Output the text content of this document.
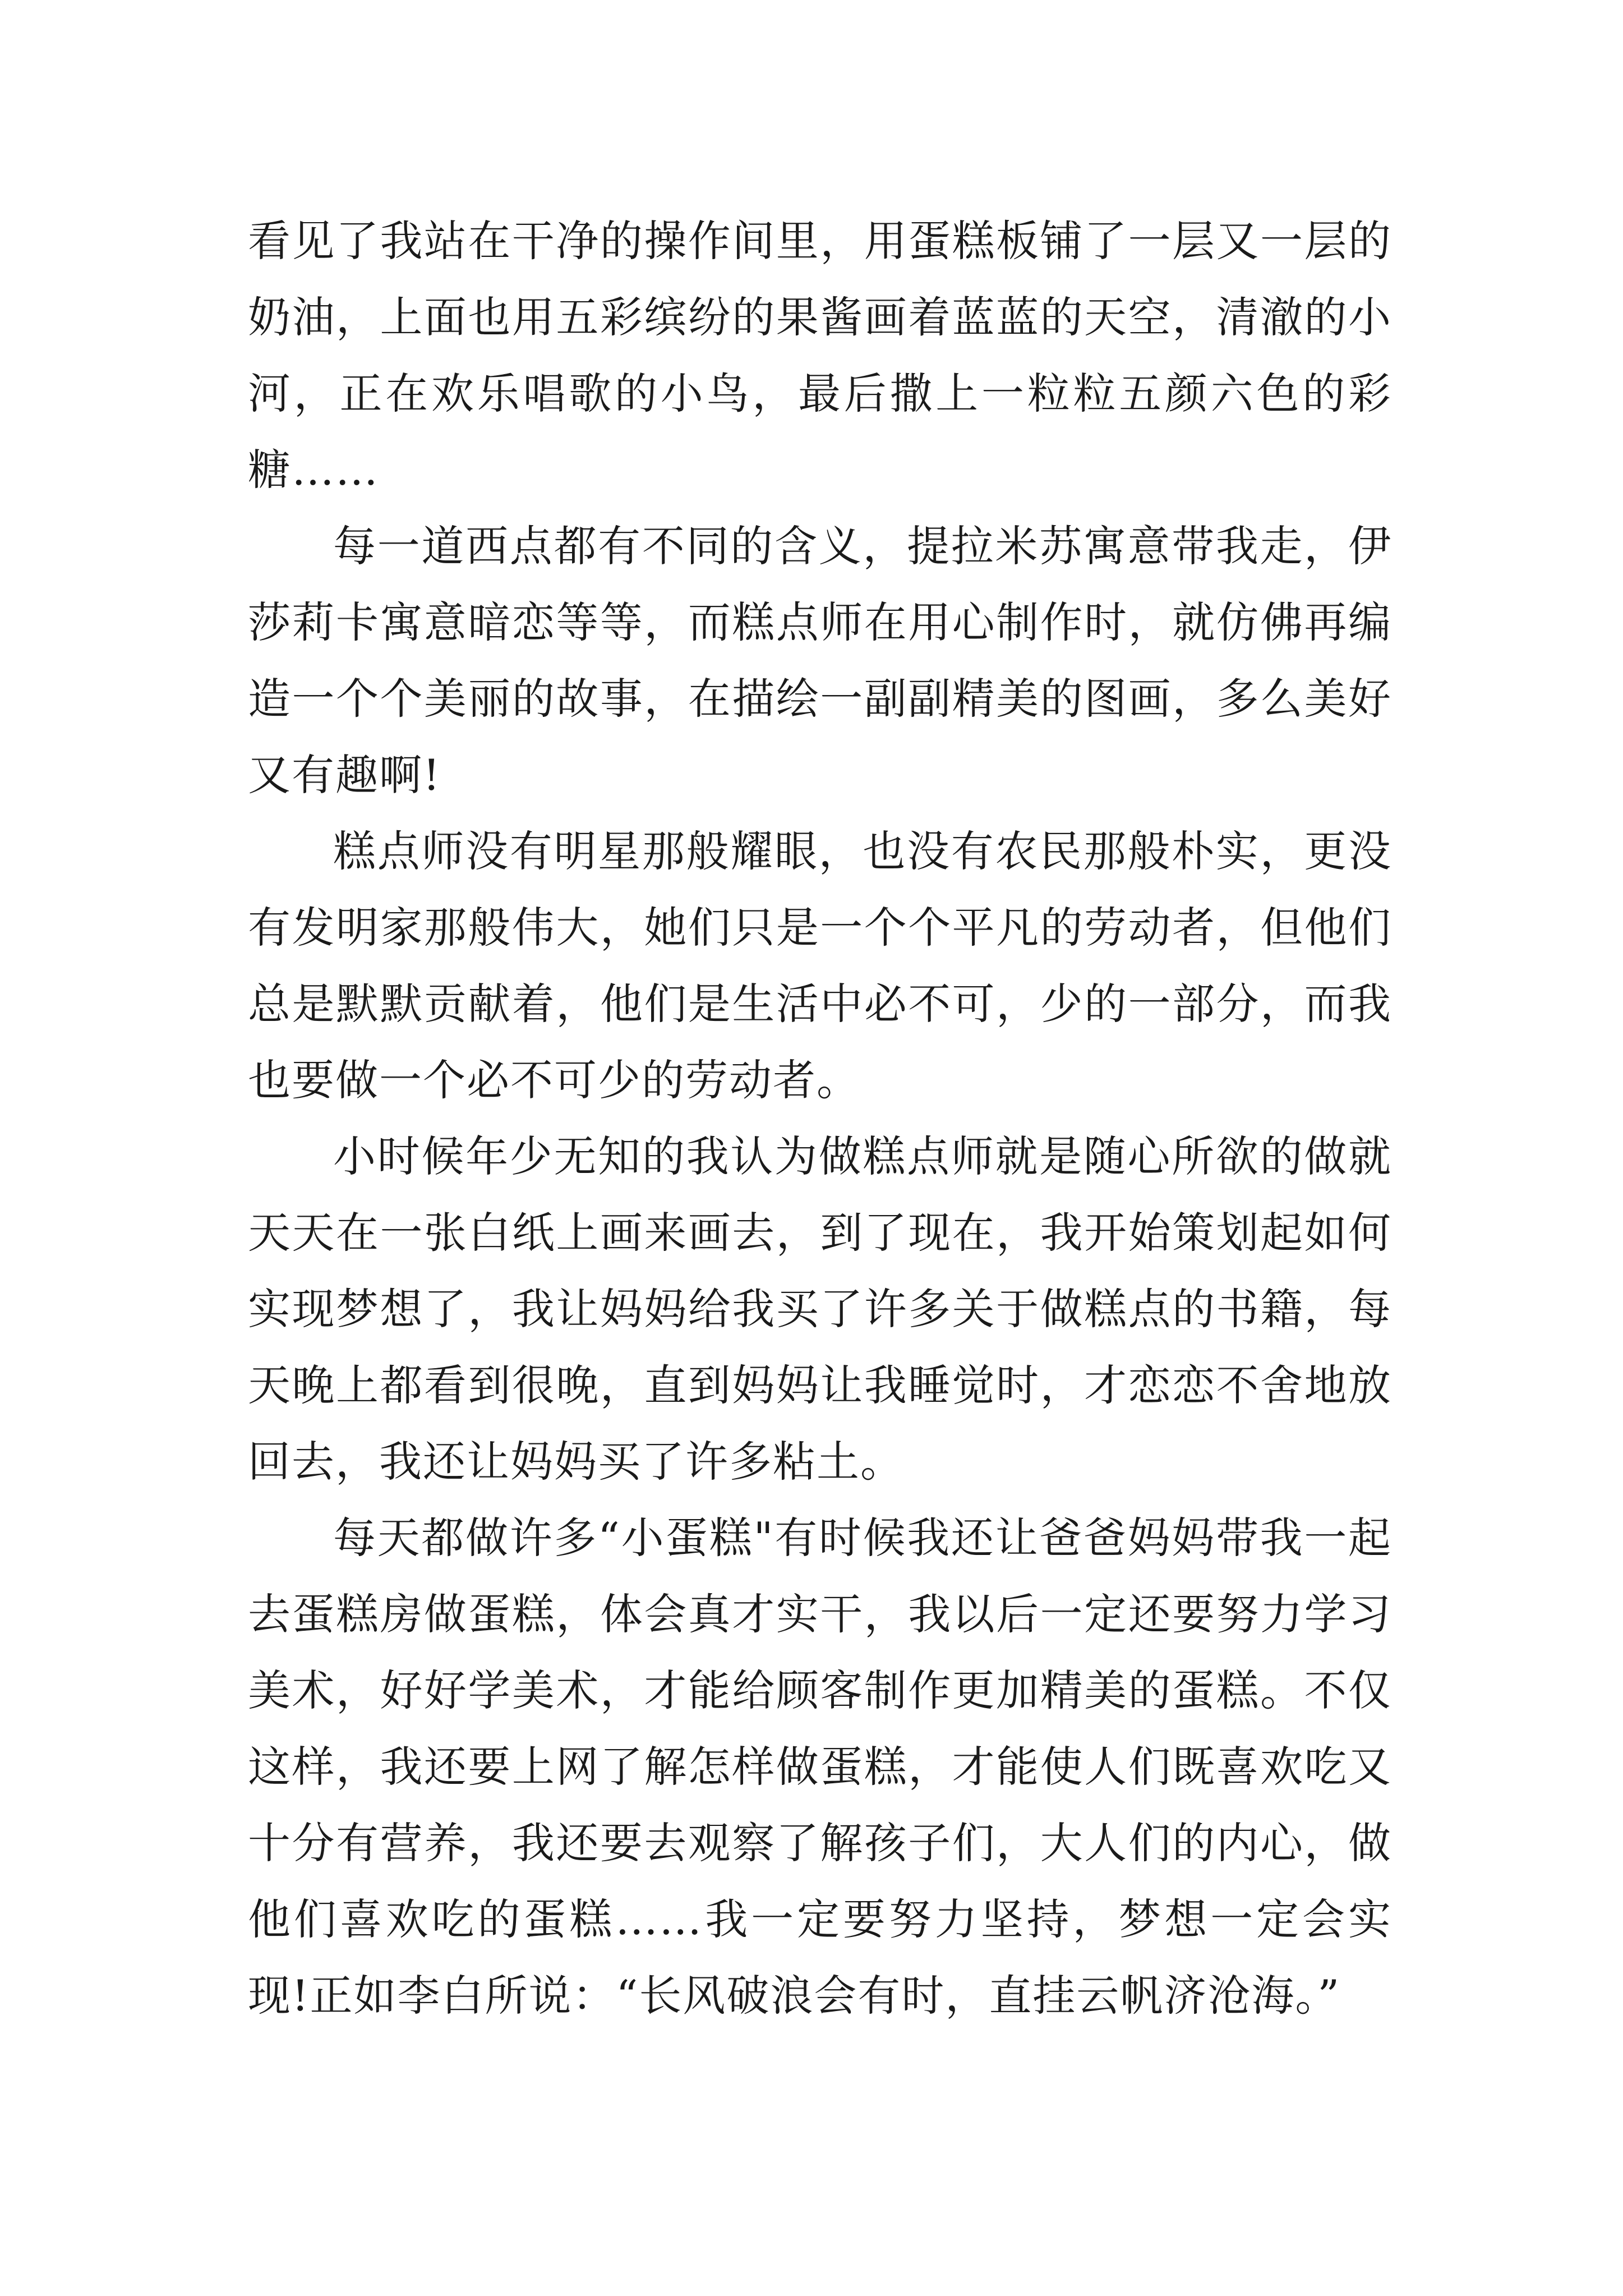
看见了我站在干净的操作间里，用蛋糕板铺了一层又一层的奶油，上面也用五彩缤纷的果酱画着蓝蓝的天空，清澈的小河，正在欢乐唱歌的小鸟，最后撒上一粒粒五颜六色的彩糖……

每一道西点都有不同的含义，提拉米苏寓意带我走，伊莎莉卡寓意暗恋等等，而糕点师在用心制作时，就仿佛再编造一个个美丽的故事，在描绘一副副精美的图画，多么美好又有趣啊!

糕点师没有明星那般耀眼，也没有农民那般朴实，更没有发明家那般伟大，她们只是一个个平凡的劳动者，但他们总是默默贡献着，他们是生活中必不可，少的一部分，而我也要做一个必不可少的劳动者。

小时候年少无知的我认为做糕点师就是随心所欲的做就天天在一张白纸上画来画去，到了现在，我开始策划起如何实现梦想了，我让妈妈给我买了许多关于做糕点的书籍，每天晚上都看到很晚，直到妈妈让我睡觉时，才恋恋不舍地放回去，我还让妈妈买了许多粘土。

每天都做许多“小蛋糕"有时候我还让爸爸妈妈带我一起去蛋糕房做蛋糕，体会真才实干，我以后一定还要努力学习美术，好好学美术，才能给顾客制作更加精美的蛋糕。不仅这样，我还要上网了解怎样做蛋糕，才能使人们既喜欢吃又十分有营养，我还要去观察了解孩子们，大人们的内心，做他们喜欢吃的蛋糕……我一定要努力坚持，梦想一定会实现!正如李白所说：“长风破浪会有时，直挂云帆济沧海。”
